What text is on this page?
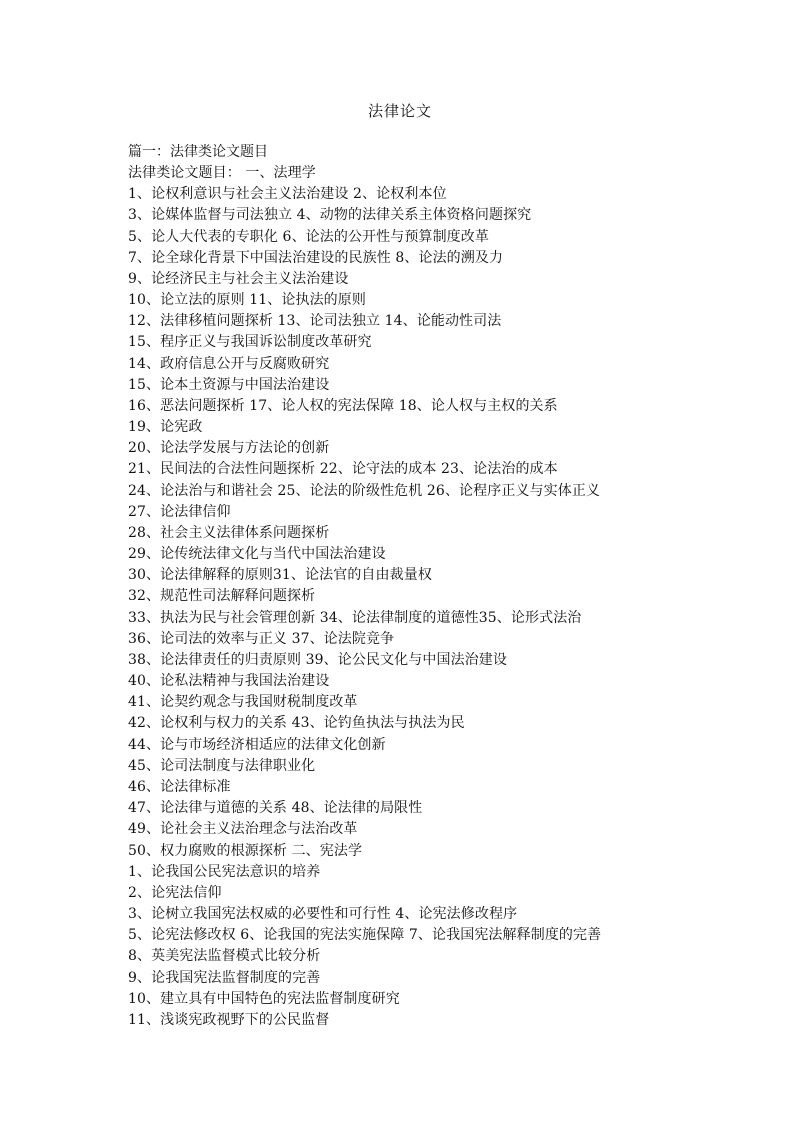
法律论文
篇一：法律类论文题目
法律类论文题目： 一、法理学
1、论权利意识与社会主义法治建设 2、论权利本位
3、论媒体监督与司法独立 4、动物的法律关系主体资格问题探究
5、论人大代表的专职化 6、论法的公开性与预算制度改革
7、论全球化背景下中国法治建设的民族性 8、论法的溯及力
9、论经济民主与社会主义法治建设
10、论立法的原则 11、论执法的原则
12、法律移植问题探析 13、论司法独立 14、论能动性司法
15、程序正义与我国诉讼制度改革研究
14、政府信息公开与反腐败研究
15、论本土资源与中国法治建设
16、恶法问题探析 17、论人权的宪法保障 18、论人权与主权的关系
19、论宪政
20、论法学发展与方法论的创新
21、民间法的合法性问题探析 22、论守法的成本 23、论法治的成本
24、论法治与和谐社会 25、论法的阶级性危机 26、论程序正义与实体正义
27、论法律信仰
28、社会主义法律体系问题探析
29、论传统法律文化与当代中国法治建设
30、论法律解释的原则31、论法官的自由裁量权
32、规范性司法解释问题探析
33、执法为民与社会管理创新 34、论法律制度的道德性35、论形式法治
36、论司法的效率与正义 37、论法院竞争
38、论法律责任的归责原则 39、论公民文化与中国法治建设
40、论私法精神与我国法治建设
41、论契约观念与我国财税制度改革
42、论权利与权力的关系 43、论钓鱼执法与执法为民
44、论与市场经济相适应的法律文化创新
45、论司法制度与法律职业化
46、论法律标准
47、论法律与道德的关系 48、论法律的局限性
49、论社会主义法治理念与法治改革
50、权力腐败的根源探析 二、宪法学
1、论我国公民宪法意识的培养
2、论宪法信仰
3、论树立我国宪法权威的必要性和可行性 4、论宪法修改程序
5、论宪法修改权 6、论我国的宪法实施保障 7、论我国宪法解释制度的完善
8、英美宪法监督模式比较分析
9、论我国宪法监督制度的完善
10、建立具有中国特色的宪法监督制度研究
11、浅谈宪政视野下的公民监督
